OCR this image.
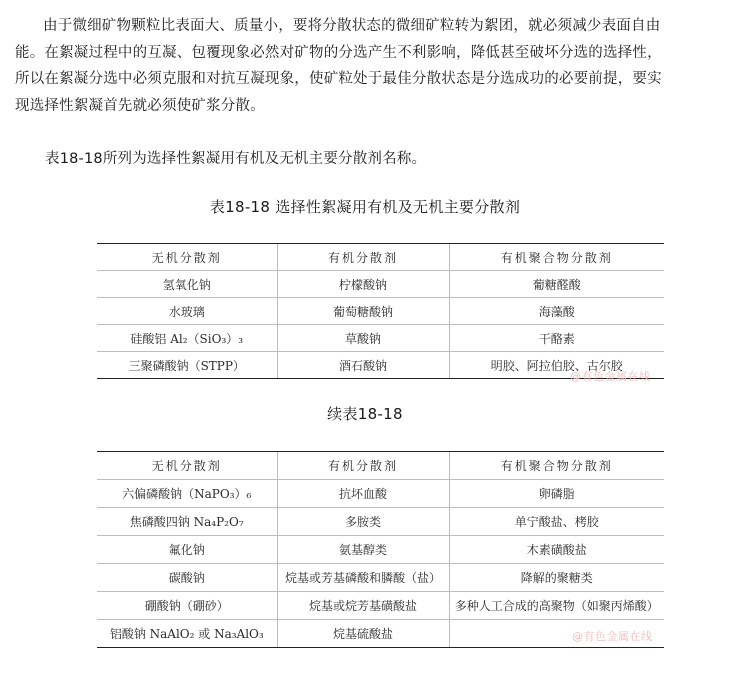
由于微细矿物颗粒比表面大、质量小，要将分散状态的微细矿粒转为絮团，就必须减少表面自由
能。在絮凝过程中的互凝、包覆现象必然对矿物的分选产生不利影响，降低甚至破坏分选的选择性，
所以在絮凝分选中必须克服和对抗互凝现象，使矿粒处于最佳分散状态是分选成功的必要前提，要实
现选择性絮凝首先就必须使矿浆分散。
表18-18所列为选择性絮凝用有机及无机主要分散剂名称。
表18-18 选择性絮凝用有机及无机主要分散剂
无机分散剂	有机分散剂	有机聚合物分散剂
氢氧化钠	柠檬酸钠	葡糖醛酸
水玻璃	葡萄糖酸钠	海藻酸
硅酸铝 Al₂（SiO₃）₃	草酸钠	干酪素
三聚磷酸钠（STPP）	酒石酸钠	明胶、阿拉伯胶、古尔胶
@有色金属在线
续表18-18
无机分散剂	有机分散剂	有机聚合物分散剂
六偏磷酸钠（NaPO₃）₆	抗坏血酸	卵磷脂
焦磷酸四钠 Na₄P₂O₇	多胺类	单宁酸盐、栲胶
氟化钠	氨基醇类	木素磺酸盐
碳酸钠	烷基或芳基磷酸和膦酸（盐）	降解的聚糖类
硼酸钠（硼砂）	烷基或烷芳基磺酸盐	多种人工合成的高聚物（如聚丙烯酸）
铝酸钠 NaAlO₂ 或 Na₃AlO₃	烷基硫酸盐		@有色金属在线
